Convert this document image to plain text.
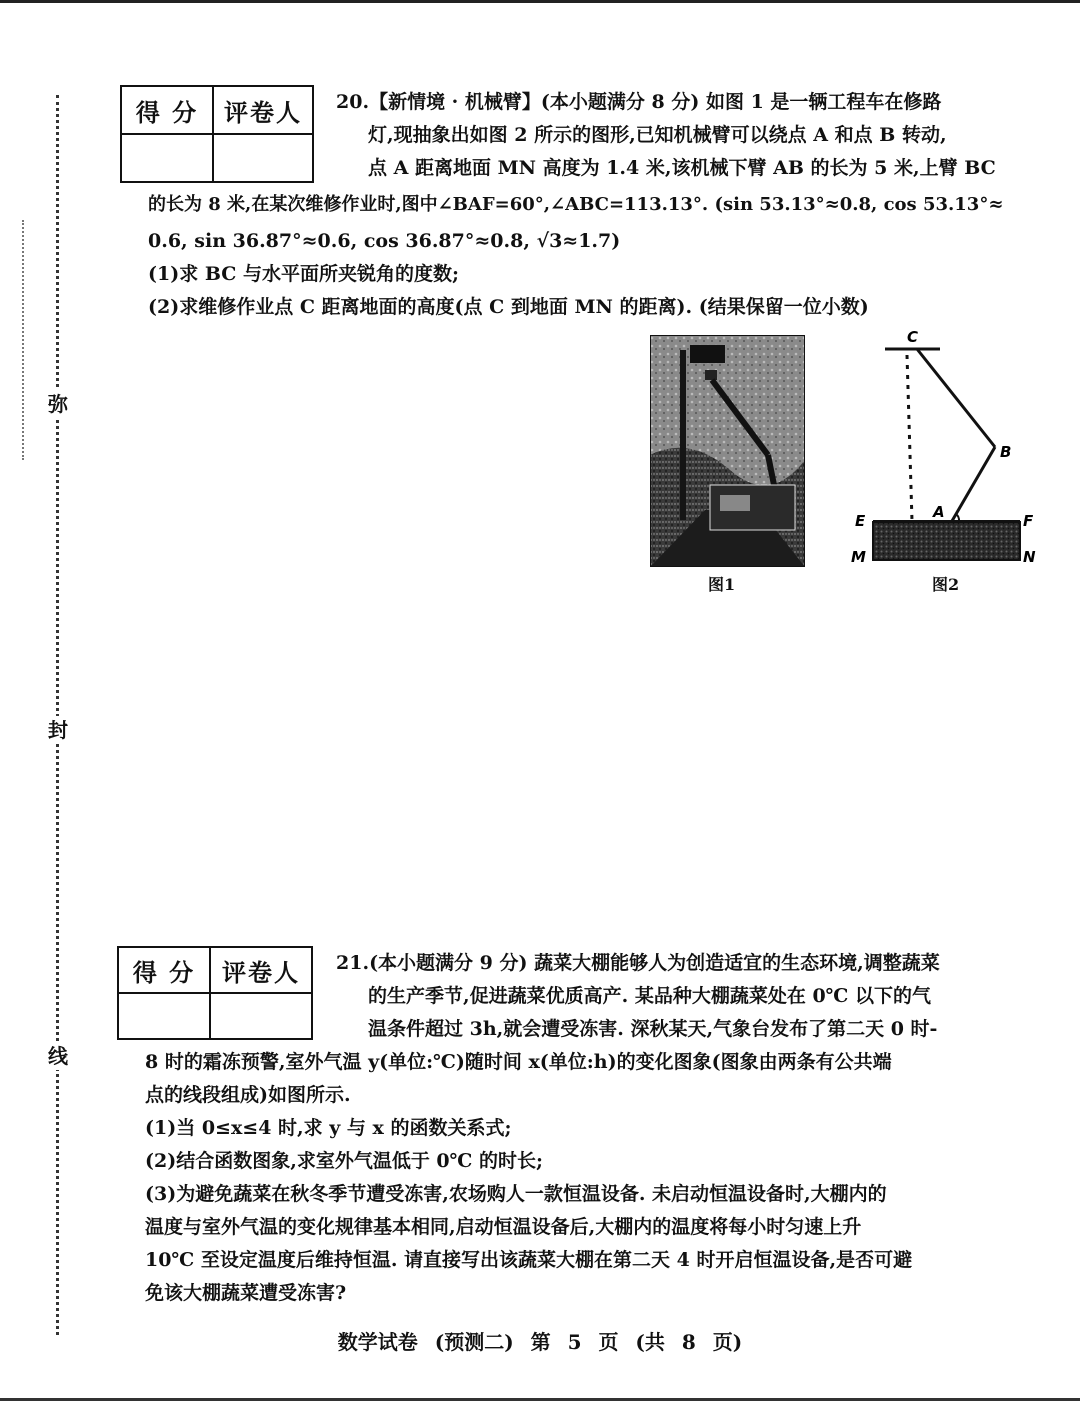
弥
封
线
得 分	评卷人
	20.【新情境 · 机械臂】(本小题满分 8 分) 如图 1 是一辆工程车在修路
灯,现抽象出如图 2 所示的图形,已知机械臂可以绕点 A 和点 B 转动,
点 A 距离地面 MN 高度为 1.4 米,该机械下臂 AB 的长为 5 米,上臂 BC
的长为 8 米,在某次维修作业时,图中∠BAF=60°,∠ABC=113.13°. (sin 53.13°≈0.8, cos 53.13°≈
0.6, sin 36.87°≈0.6, cos 36.87°≈0.8, √3≈1.7)
(1)求 BC 与水平面所夹锐角的度数;
(2)求维修作业点 C 距离地面的高度(点 C 到地面 MN 的距离). (结果保留一位小数)
图1
C
B
A
E	F
M	N
图2
得 分	评卷人
	21.(本小题满分 9 分) 蔬菜大棚能够人为创造适宜的生态环境,调整蔬菜
的生产季节,促进蔬菜优质高产. 某品种大棚蔬菜处在 0℃ 以下的气
温条件超过 3h,就会遭受冻害. 深秋某天,气象台发布了第二天 0 时-
8 时的霜冻预警,室外气温 y(单位:℃)随时间 x(单位:h)的变化图象(图象由两条有公共端
点的线段组成)如图所示.
(1)当 0≤x≤4 时,求 y 与 x 的函数关系式;
(2)结合函数图象,求室外气温低于 0℃ 的时长;
(3)为避免蔬菜在秋冬季节遭受冻害,农场购人一款恒温设备. 未启动恒温设备时,大棚内的
温度与室外气温的变化规律基本相同,启动恒温设备后,大棚内的温度将每小时匀速上升
10℃ 至设定温度后维持恒温. 请直接写出该蔬菜大棚在第二天 4 时开启恒温设备,是否可避
免该大棚蔬菜遭受冻害?
数学试卷 (预测二) 第 5 页 (共 8 页)
